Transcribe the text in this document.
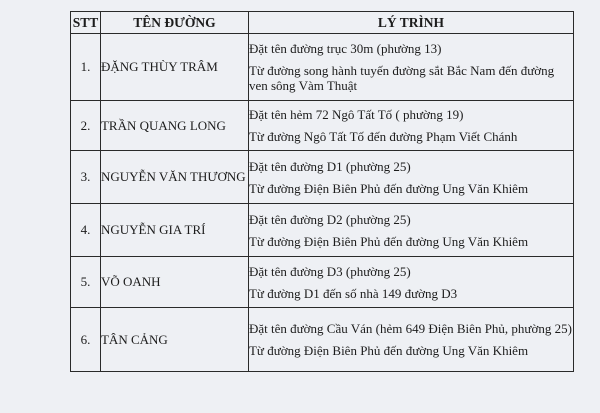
STT	TÊN ĐƯỜNG	LÝ TRÌNH
1.	ĐẶNG THÙY TRÂM	Đặt tên đường trục 30m (phường 13)
Từ đường song hành tuyến đường sắt Bắc Nam đến đường ven sông Vàm Thuật

2.	TRẦN QUANG LONG	Đặt tên hẻm 72 Ngô Tất Tố ( phường 19)
Từ đường Ngô Tất Tố đến đường Phạm Viết Chánh

3.	NGUYỄN VĂN THƯƠNG	Đặt tên đường D1 (phường 25)
Từ đường Điện Biên Phủ đến đường Ung Văn Khiêm

4.	NGUYỄN GIA TRÍ	Đặt tên đường D2 (phường 25)
Từ đường Điện Biên Phủ đến đường Ung Văn Khiêm

5.	VÕ OANH	Đặt tên đường D3 (phường 25)
Từ đường D1 đến số nhà 149 đường D3

6.	TÂN CẢNG	Đặt tên đường Cầu Ván (hẻm 649 Điện Biên Phủ, phường 25)
Từ đường Điện Biên Phủ đến đường Ung Văn Khiêm
